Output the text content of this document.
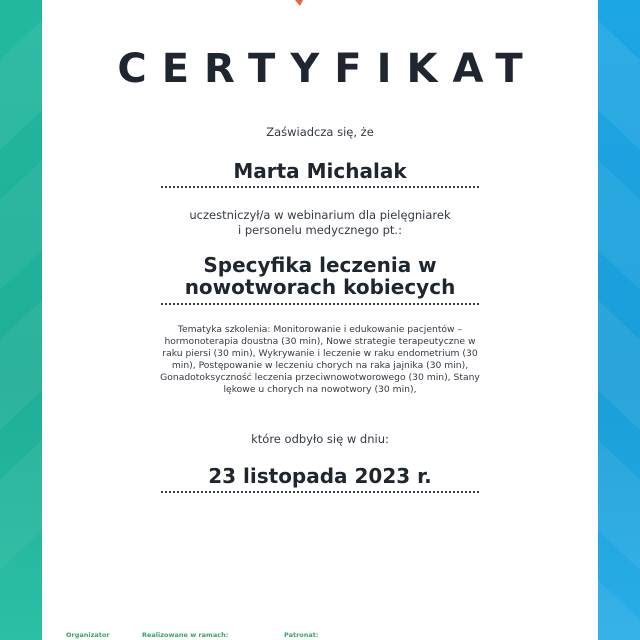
CERTYFIKAT
Zaświadcza się, że
Marta Michalak
uczestniczył/a w webinarium dla pielęgniarek
i personelu medycznego pt.:
Specyfika leczenia w
nowotworach kobiecych
Tematyka szkolenia: Monitorowanie i edukowanie pacjentów –
hormonoterapia doustna (30 min), Nowe strategie terapeutyczne w
raku piersi (30 min), Wykrywanie i leczenie w raku endometrium (30
min), Postępowanie w leczeniu chorych na raka jajnika (30 min),
Gonadotoksyczność leczenia przeciwnowotworowego (30 min), Stany
lękowe u chorych na nowotwory (30 min),
które odbyło się w dniu:
23 listopada 2023 r.
Organizator	Realizowane w ramach:	Patronat:
